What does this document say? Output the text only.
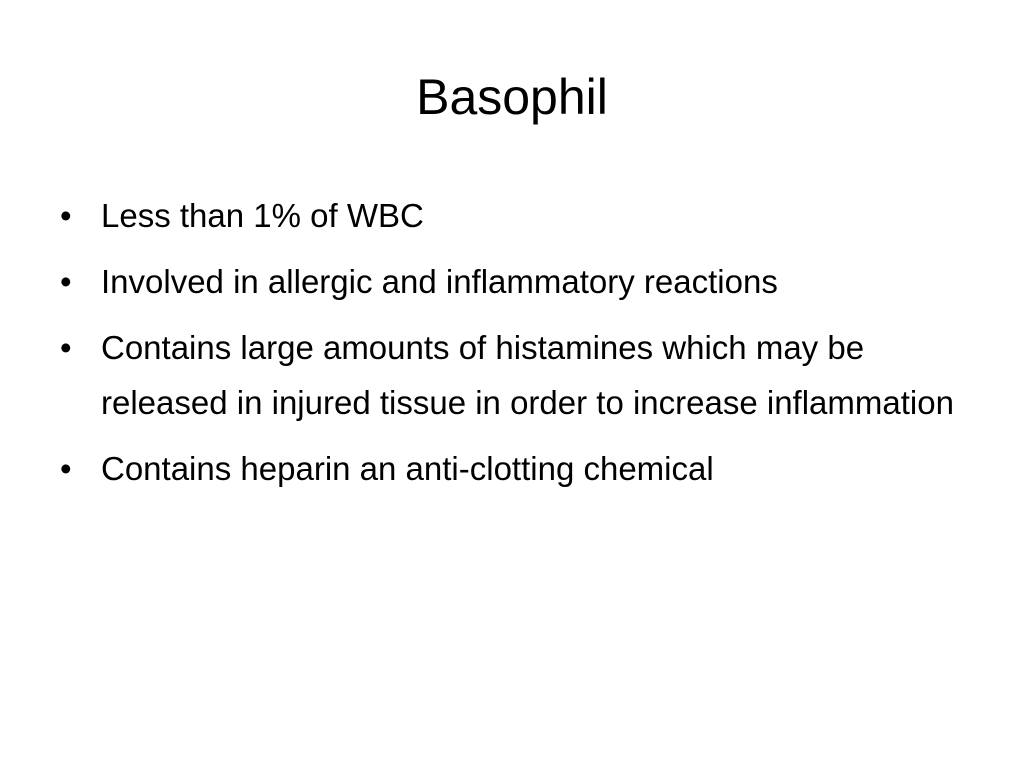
Basophil
• Less than 1% of WBC
• Involved in allergic and inflammatory reactions
• Contains large amounts of histamines which may be released in injured tissue in order to increase inflammation
• Contains heparin an anti-clotting chemical
